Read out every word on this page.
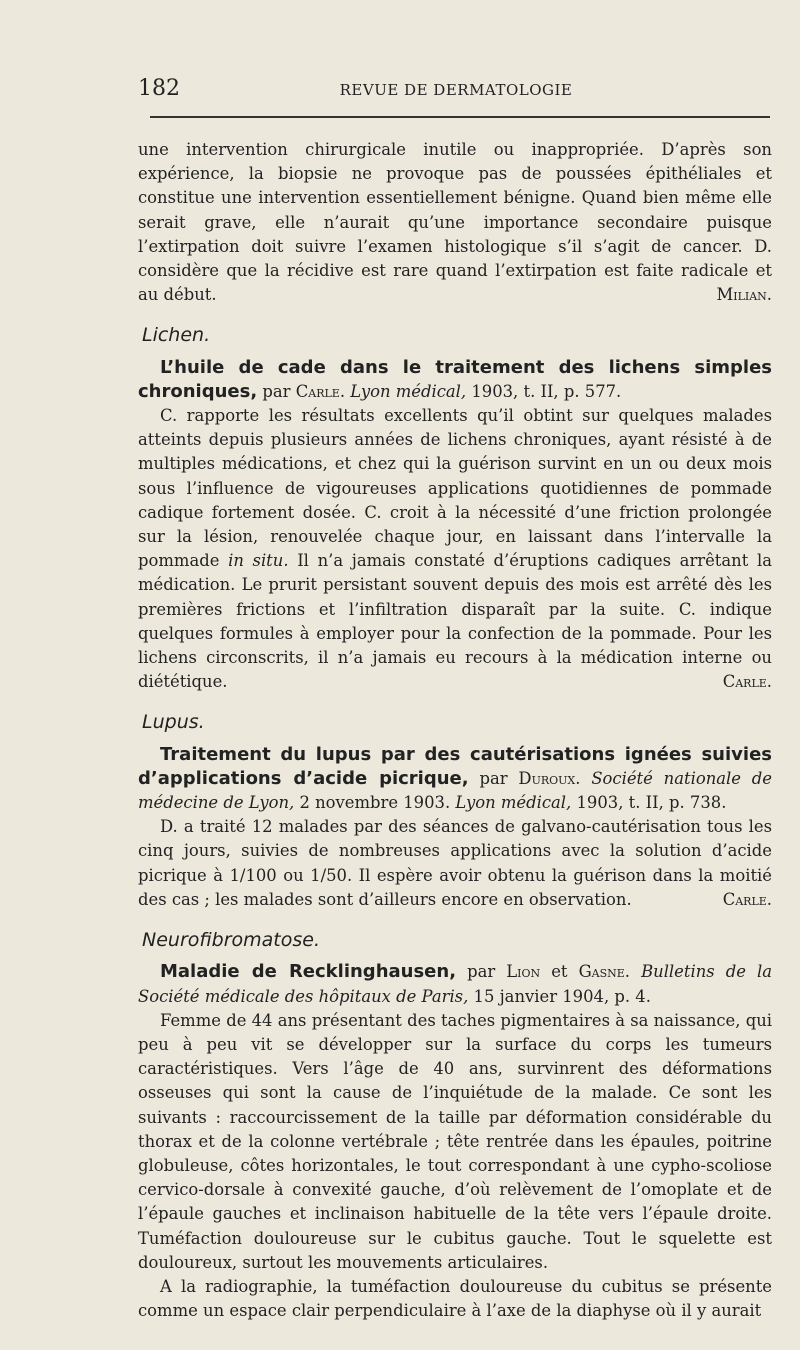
182	REVUE DE DERMATOLOGIE

une intervention chirurgicale inutile ou inappropriée. D’après son expérience, la biopsie ne provoque pas de poussées épithéliales et constitue une intervention essentiellement bénigne. Quand bien même elle serait grave, elle n’aurait qu’une importance secondaire puisque l’extirpation doit suivre l’examen histologique s’il s’agit de cancer. D. considère que la récidive est rare quand l’extirpation est faite radicale et au début.	Milian.

Lichen.

L’huile de cade dans le traitement des lichens simples chroniques, par Carle. Lyon médical, 1903, t. II, p. 577.

C. rapporte les résultats excellents qu’il obtint sur quelques malades atteints depuis plusieurs années de lichens chroniques, ayant résisté à de multiples médications, et chez qui la guérison survint en un ou deux mois sous l’influence de vigoureuses applications quotidiennes de pommade cadique fortement dosée. C. croit à la nécessité d’une friction prolongée sur la lésion, renouvelée chaque jour, en laissant dans l’intervalle la pommade in situ. Il n’a jamais constaté d’éruptions cadiques arrêtant la médication. Le prurit persistant souvent depuis des mois est arrêté dès les premières frictions et l’infiltration disparaît par la suite. C. indique quelques formules à employer pour la confection de la pommade. Pour les lichens circonscrits, il n’a jamais eu recours à la médication interne ou diététique.	Carle.

Lupus.

Traitement du lupus par des cautérisations ignées suivies d’applications d’acide picrique, par Duroux. Société nationale de médecine de Lyon, 2 novembre 1903. Lyon médical, 1903, t. II, p. 738.

D. a traité 12 malades par des séances de galvano-cautérisation tous les cinq jours, suivies de nombreuses applications avec la solution d’acide picrique à 1/100 ou 1/50. Il espère avoir obtenu la guérison dans la moitié des cas ; les malades sont d’ailleurs encore en observation.	Carle.

Neurofibromatose.

Maladie de Recklinghausen, par Lion et Gasne. Bulletins de la Société médicale des hôpitaux de Paris, 15 janvier 1904, p. 4.

Femme de 44 ans présentant des taches pigmentaires à sa naissance, qui peu à peu vit se développer sur la surface du corps les tumeurs caractéristiques. Vers l’âge de 40 ans, survinrent des déformations osseuses qui sont la cause de l’inquiétude de la malade. Ce sont les suivants : raccourcissement de la taille par déformation considérable du thorax et de la colonne vertébrale ; tête rentrée dans les épaules, poitrine globuleuse, côtes horizontales, le tout correspondant à une cypho-scoliose cervico-dorsale à convexité gauche, d’où relèvement de l’omoplate et de l’épaule gauches et inclinaison habituelle de la tête vers l’épaule droite. Tuméfaction douloureuse sur le cubitus gauche. Tout le squelette est douloureux, surtout les mouvements articulaires.

A la radiographie, la tuméfaction douloureuse du cubitus se présente comme un espace clair perpendiculaire à l’axe de la diaphyse où il y aurait
